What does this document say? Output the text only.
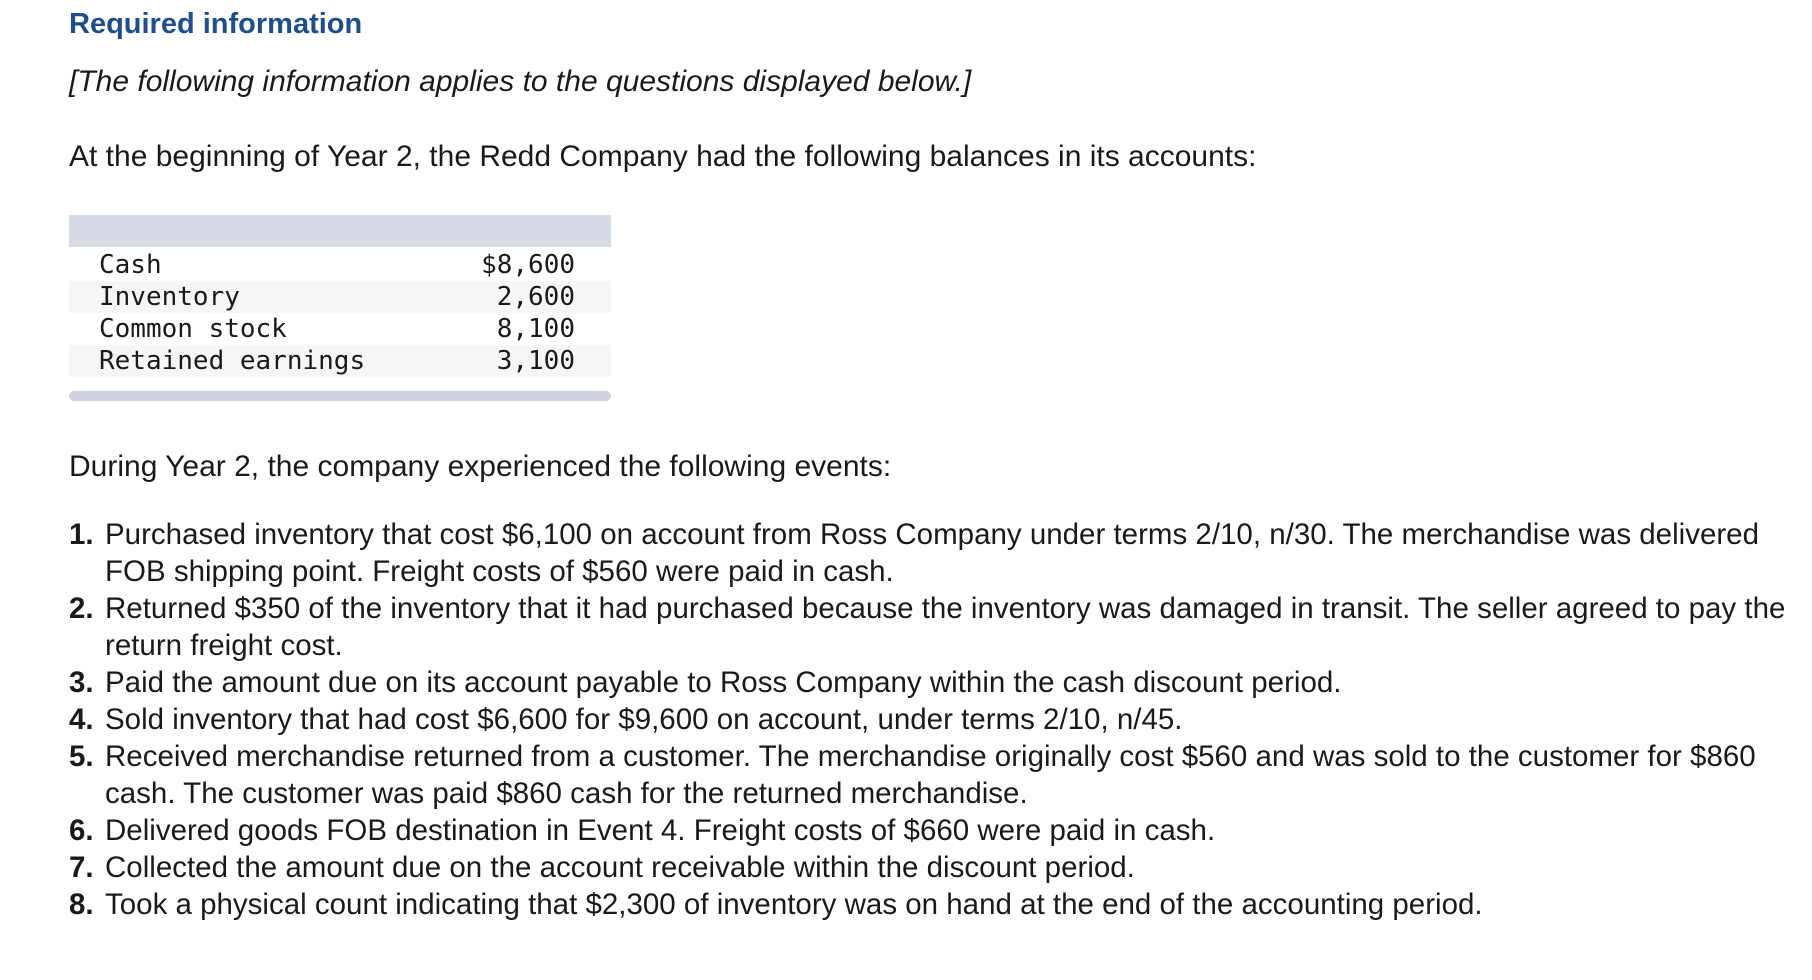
Required information
[The following information applies to the questions displayed below.]
At the beginning of Year 2, the Redd Company had the following balances in its accounts:
Cash	$8,600
Inventory	2,600
Common stock	8,100
Retained earnings	3,100
During Year 2, the company experienced the following events:
1. Purchased inventory that cost $6,100 on account from Ross Company under terms 2/10, n/30. The merchandise was delivered FOB shipping point. Freight costs of $560 were paid in cash.
2. Returned $350 of the inventory that it had purchased because the inventory was damaged in transit. The seller agreed to pay the return freight cost.
3. Paid the amount due on its account payable to Ross Company within the cash discount period.
4. Sold inventory that had cost $6,600 for $9,600 on account, under terms 2/10, n/45.
5. Received merchandise returned from a customer. The merchandise originally cost $560 and was sold to the customer for $860 cash. The customer was paid $860 cash for the returned merchandise.
6. Delivered goods FOB destination in Event 4. Freight costs of $660 were paid in cash.
7. Collected the amount due on the account receivable within the discount period.
8. Took a physical count indicating that $2,300 of inventory was on hand at the end of the accounting period.
